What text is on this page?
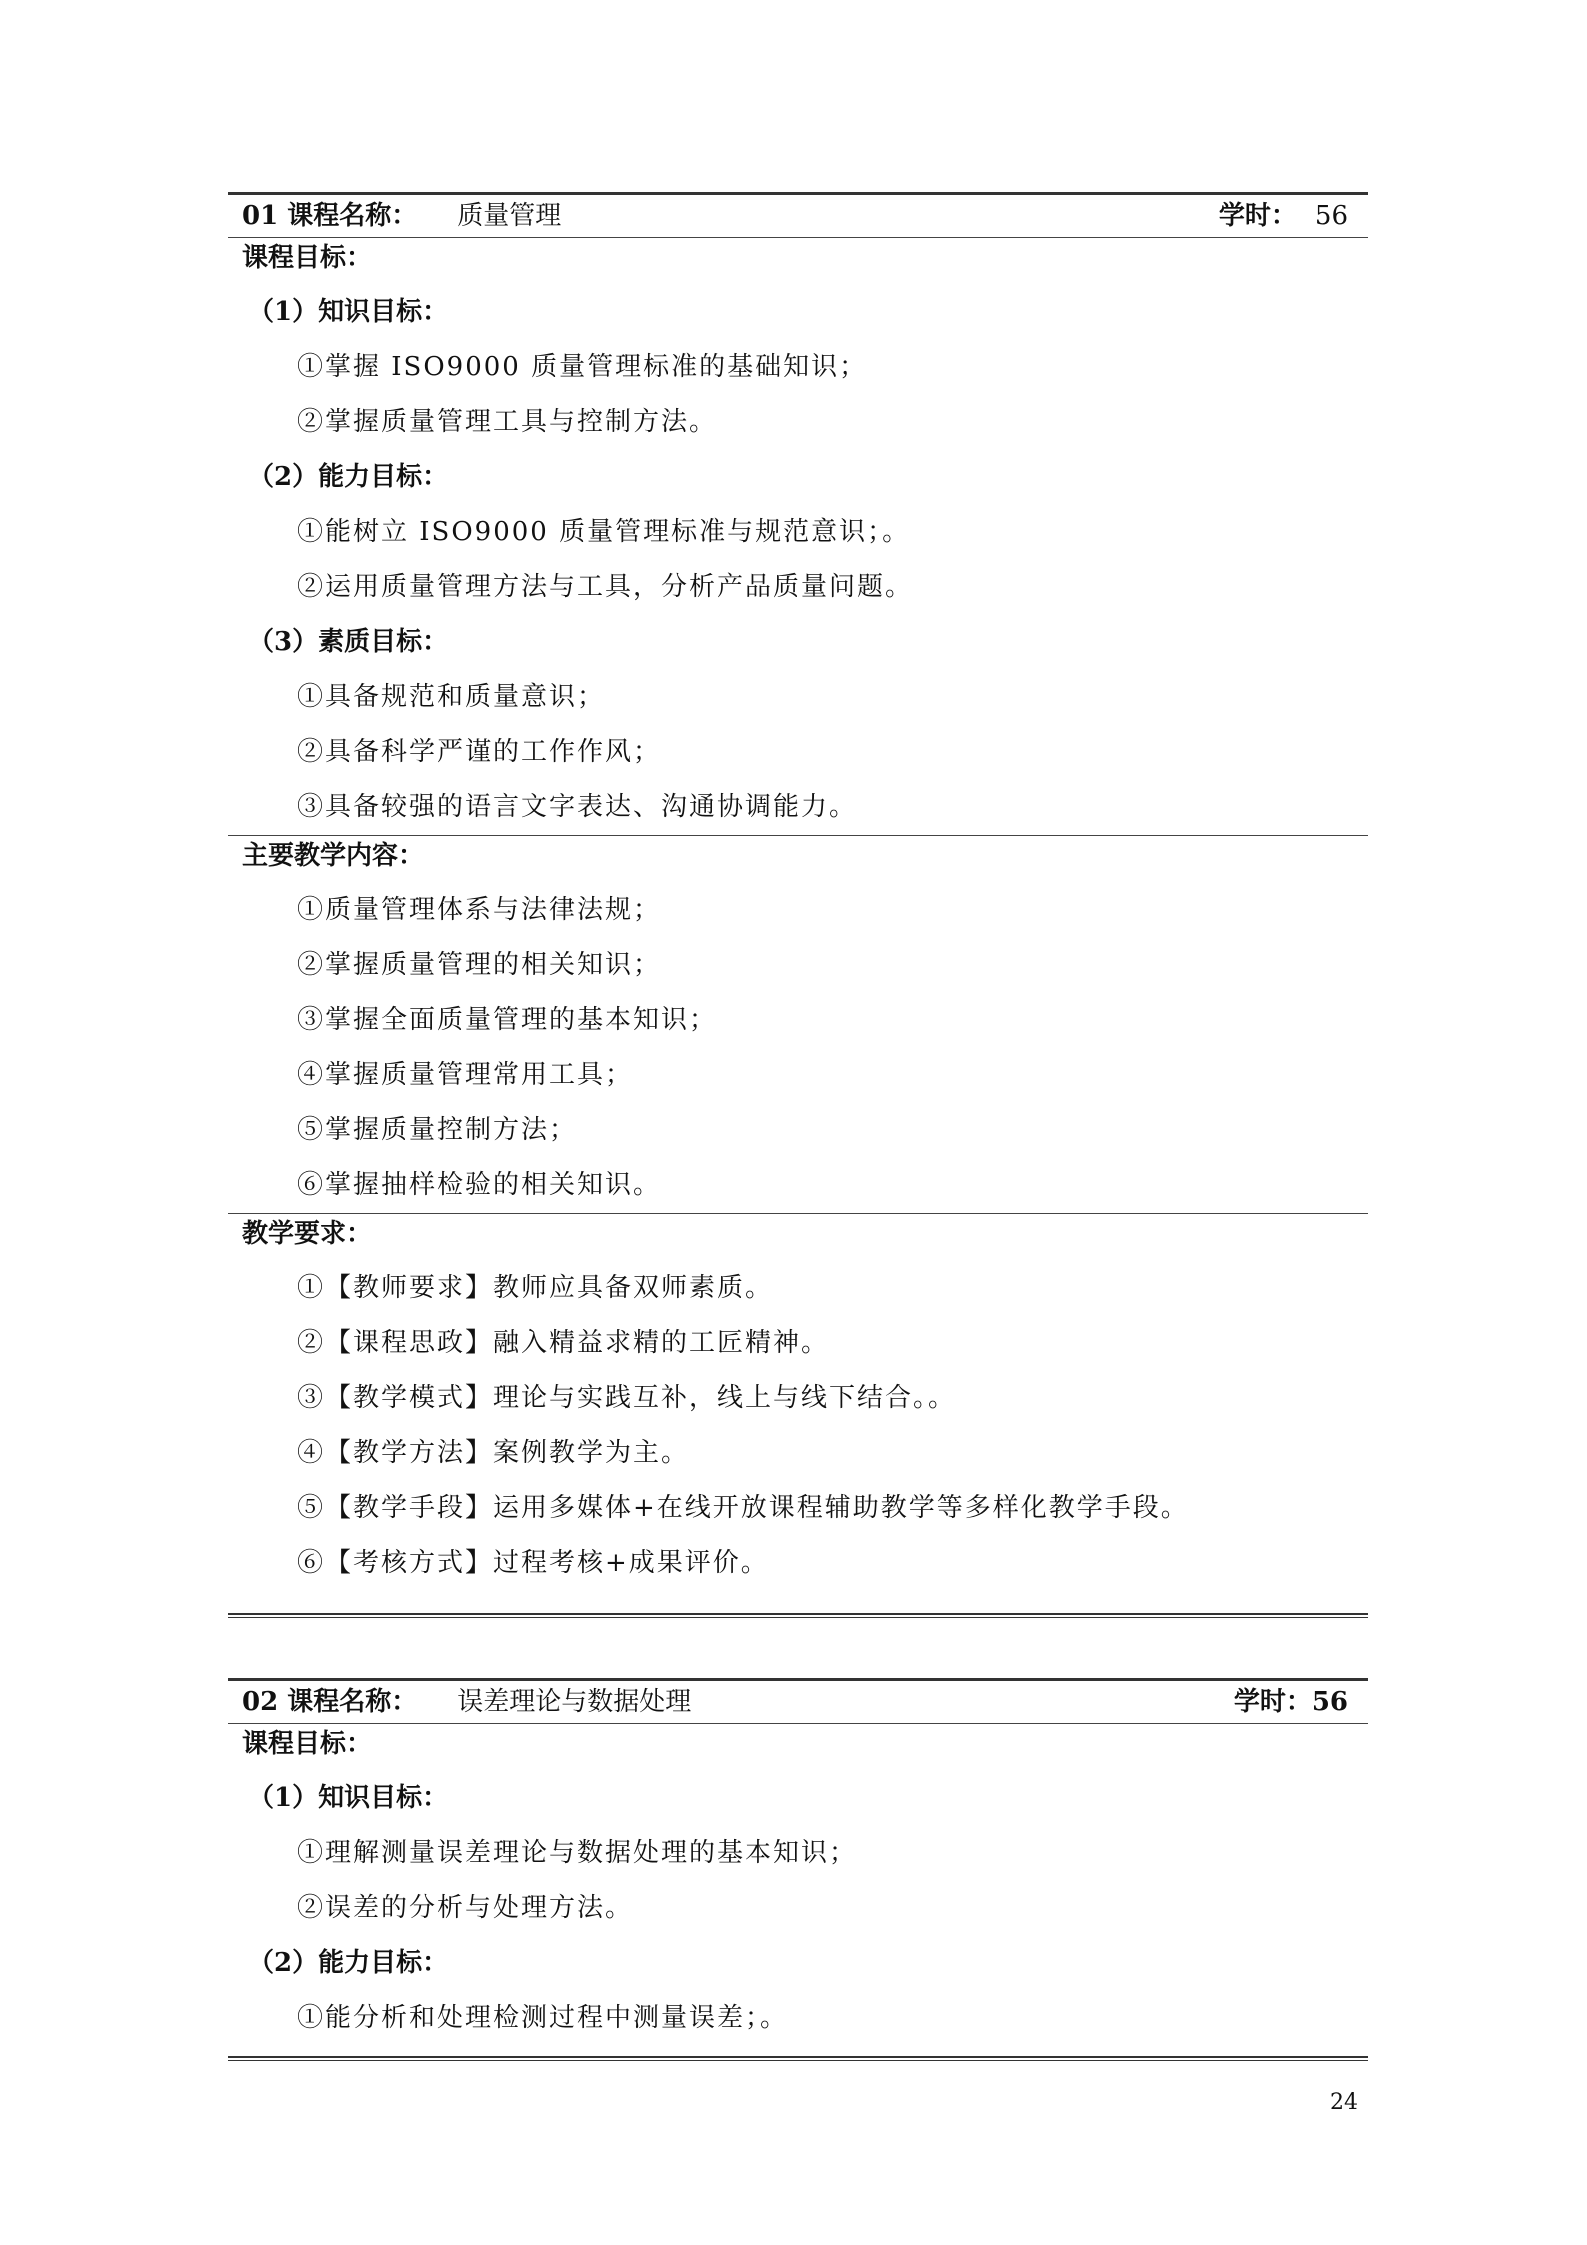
01 课程名称： 质量管理	学时： 56
课程目标：
（1）知识目标：
①掌握 ISO9000 质量管理标准的基础知识；
②掌握质量管理工具与控制方法。
（2）能力目标：
①能树立 ISO9000 质量管理标准与规范意识；。
②运用质量管理方法与工具，分析产品质量问题。
（3）素质目标：
①具备规范和质量意识；
②具备科学严谨的工作作风；
③具备较强的语言文字表达、沟通协调能力。
主要教学内容：
①质量管理体系与法律法规；
②掌握质量管理的相关知识；
③掌握全面质量管理的基本知识；
④掌握质量管理常用工具；
⑤掌握质量控制方法；
⑥掌握抽样检验的相关知识。
教学要求：
①【教师要求】教师应具备双师素质。
②【课程思政】融入精益求精的工匠精神。
③【教学模式】理论与实践互补，线上与线下结合。。
④【教学方法】案例教学为主。
⑤【教学手段】运用多媒体+在线开放课程辅助教学等多样化教学手段。
⑥【考核方式】过程考核+成果评价。
02 课程名称： 误差理论与数据处理	学时：56
课程目标：
（1）知识目标：
①理解测量误差理论与数据处理的基本知识；
②误差的分析与处理方法。
（2）能力目标：
①能分析和处理检测过程中测量误差；。
24
